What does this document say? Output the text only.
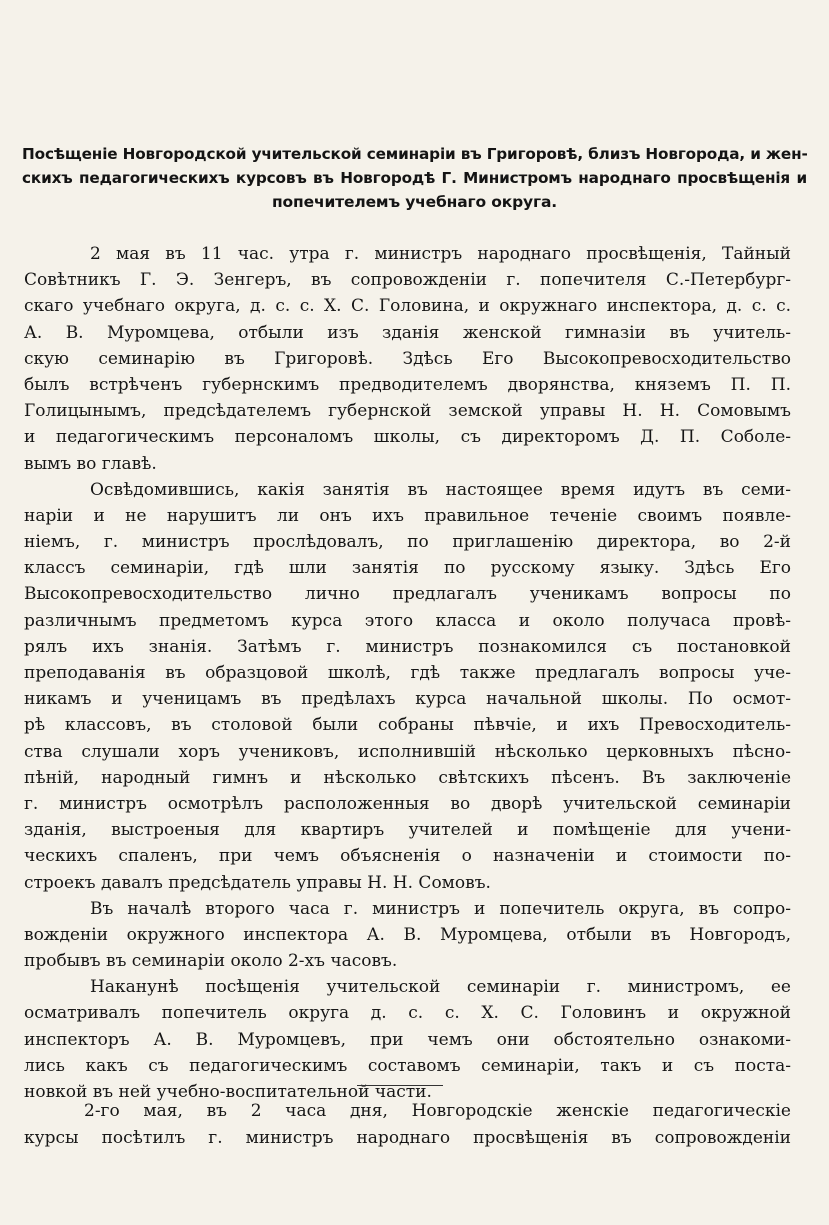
Посѣщеніе Новгородской учительской семинаріи въ Григоровѣ, близъ Новгорода, и жен-
скихъ педагогическихъ курсовъ въ Новгородѣ Г. Министромъ народнаго просвѣщенія и
попечителемъ учебнаго округа.
2 мая въ 11 час. утра г. министръ народнаго просвѣщенія, Тайный
Совѣтникъ Г. Э. Зенгеръ, въ сопровожденіи г. попечителя С.-Петербург-
скаго учебнаго округа, д. с. с. Х. С. Головина, и окружнаго инспектора, д. с. с.
А. В. Муромцева, отбыли изъ зданія женской гимназіи въ учитель-
скую семинарію въ Григоровѣ. Здѣсь Его Высокопревосходительство
былъ встрѣченъ губернскимъ предводителемъ дворянства, княземъ П. П.
Голицынымъ, предсѣдателемъ губернской земской управы Н. Н. Сомовымъ
и педагогическимъ персоналомъ школы, съ директоромъ Д. П. Соболе-
вымъ во главѣ.
Освѣдомившись, какія занятія въ настоящее время идутъ въ семи-
наріи и не нарушитъ ли онъ ихъ правильное теченіе своимъ появле-
ніемъ, г. министръ прослѣдовалъ, по приглашенію директора, во 2-й
классъ семинаріи, гдѣ шли занятія по русскому языку. Здѣсь Его
Высокопревосходительство лично предлагалъ ученикамъ вопросы по
различнымъ предметомъ курса этого класса и около получаса провѣ-
рялъ ихъ знанія. Затѣмъ г. министръ познакомился съ постановкой
преподаванія въ образцовой школѣ, гдѣ также предлагалъ вопросы уче-
никамъ и ученицамъ въ предѣлахъ курса начальной школы. По осмот-
рѣ классовъ, въ столовой были собраны пѣвчіе, и ихъ Превосходитель-
ства слушали хоръ учениковъ, исполнившій нѣсколько церковныхъ пѣсно-
пѣній, народный гимнъ и нѣсколько свѣтскихъ пѣсенъ. Въ заключеніе
г. министръ осмотрѣлъ расположенныя во дворѣ учительской семинаріи
зданія, выстроеныя для квартиръ учителей и помѣщеніе для учени-
ческихъ спаленъ, при чемъ объясненія о назначеніи и стоимости по-
строекъ давалъ предсѣдатель управы Н. Н. Сомовъ.
Въ началѣ второго часа г. министръ и попечитель округа, въ сопро-
вожденіи окружного инспектора А. В. Муромцева, отбыли въ Новгородъ,
пробывъ въ семинаріи около 2-хъ часовъ.
Наканунѣ посѣщенія учительской семинаріи г. министромъ, ее
осматривалъ попечитель округа д. с. с. Х. С. Головинъ и окружной
инспекторъ А. В. Муромцевъ, при чемъ они обстоятельно ознакоми-
лись какъ съ педагогическимъ составомъ семинаріи, такъ и съ поста-
новкой въ ней учебно-воспитательной части.
2-го мая, въ 2 часа дня, Новгородскіе женскіе педагогическіе
курсы посѣтилъ г. министръ народнаго просвѣщенія въ сопровожденіи
